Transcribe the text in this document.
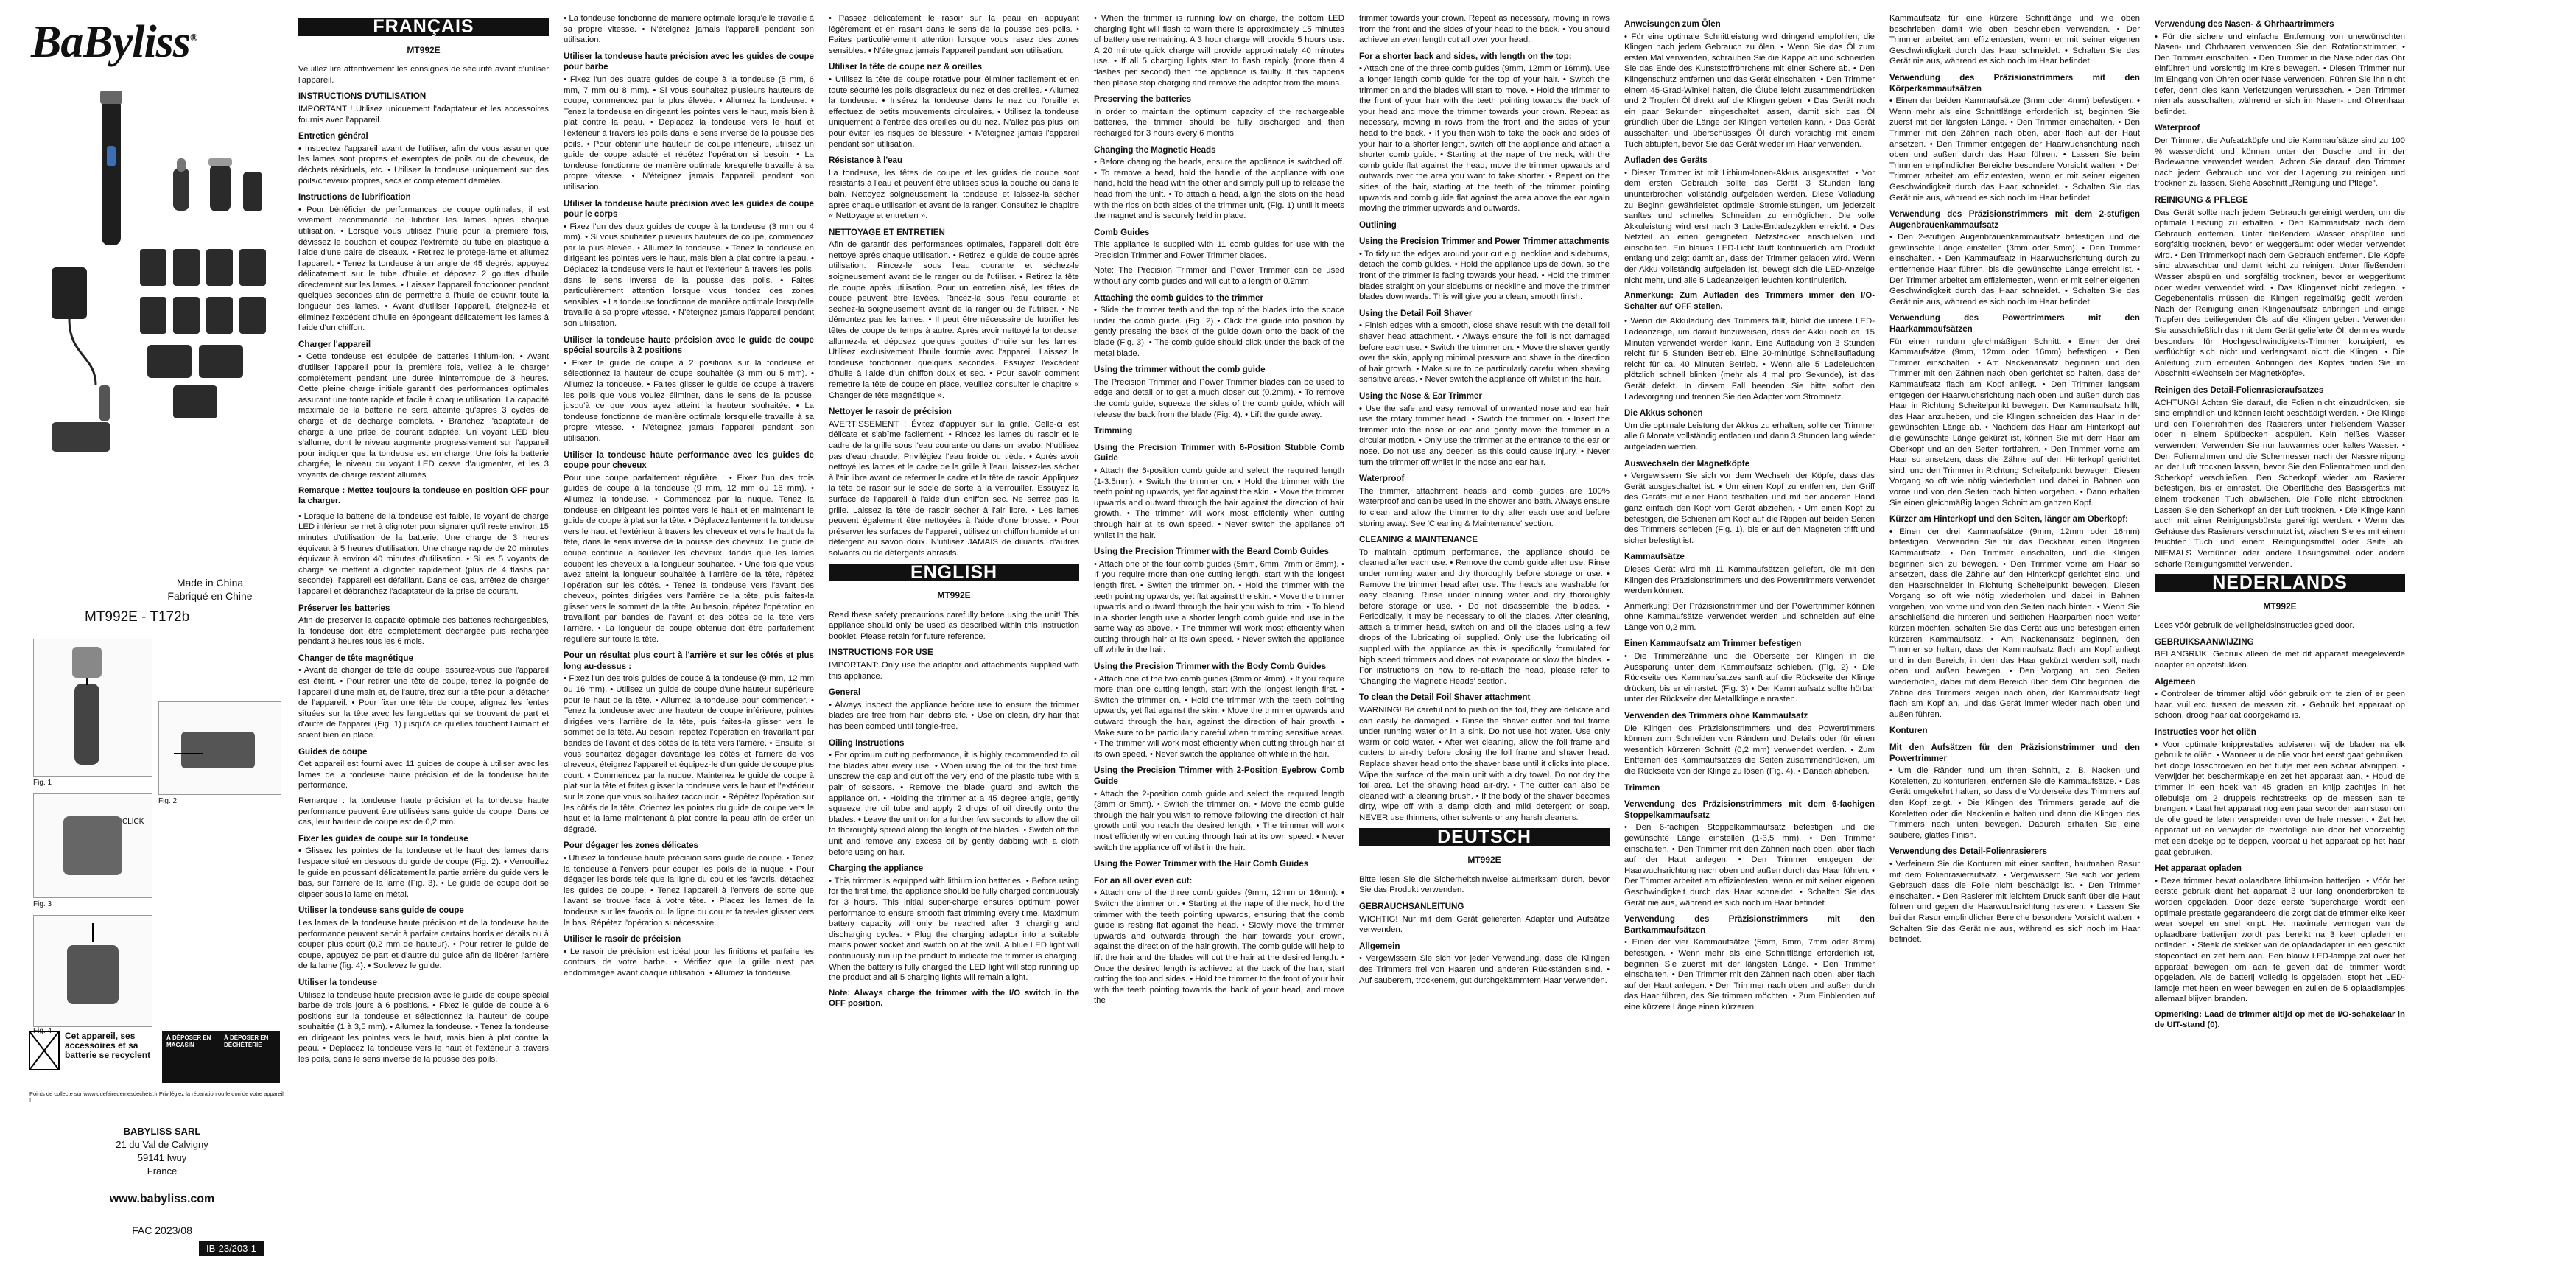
BaByliss®
Made in China
Fabriqué en Chine
MT992E - T172b
Fig. 1
Fig. 2
CLICK
Fig. 3
Fig. 4 Cet appareil, ses accessoires et sa batterie se recyclent
À DÉPOSER EN MAGASIN
À DÉPOSER EN DÉCHÈTERIE
Points de collecte sur www.quefairedemesdechets.fr Privilégiez la réparation ou le don de votre appareil !
BABYLISS SARL
21 du Val de Calvigny
59141 Iwuy
France
www.babyliss.com
FAC 2023/08
IB-23/203-1
FRANÇAIS
MT992E

Veuillez lire attentivement les consignes de sécurité avant d'utiliser l'appareil.

INSTRUCTIONS D'UTILISATION

IMPORTANT ! Utilisez uniquement l'adaptateur et les accessoires fournis avec l'appareil.

Entretien général

• Inspectez l'appareil avant de l'utiliser, afin de vous assurer que les lames sont propres et exemptes de poils ou de cheveux, de déchets résiduels, etc. • Utilisez la tondeuse uniquement sur des poils/cheveux propres, secs et complètement démêlés.

Instructions de lubrification

• Pour bénéficier de performances de coupe optimales, il est vivement recommandé de lubrifier les lames après chaque utilisation. • Lorsque vous utilisez l'huile pour la première fois, dévissez le bouchon et coupez l'extrémité du tube en plastique à l'aide d'une paire de ciseaux. • Retirez le protège-lame et allumez l'appareil. • Tenez la tondeuse à un angle de 45 degrés, appuyez délicatement sur le tube d'huile et déposez 2 gouttes d'huile directement sur les lames. • Laissez l'appareil fonctionner pendant quelques secondes afin de permettre à l'huile de couvrir toute la longueur des lames. • Avant d'utiliser l'appareil, éteignez-le et éliminez l'excédent d'huile en épongeant délicatement les lames à l'aide d'un chiffon.

Charger l'appareil

• Cette tondeuse est équipée de batteries lithium-ion. • Avant d'utiliser l'appareil pour la première fois, veillez à le charger complètement pendant une durée ininterrompue de 3 heures. Cette pleine charge initiale garantit des performances optimales assurant une tonte rapide et facile à chaque utilisation. La capacité maximale de la batterie ne sera atteinte qu'après 3 cycles de charge et de décharge complets. • Branchez l'adaptateur de charge à une prise de courant adaptée. Un voyant LED bleu s'allume, dont le niveau augmente progressivement sur l'appareil pour indiquer que la tondeuse est en charge. Une fois la batterie chargée, le niveau du voyant LED cesse d'augmenter, et les 3 voyants de charge restent allumés.

Remarque : Mettez toujours la tondeuse en position OFF pour la charger.

• Lorsque la batterie de la tondeuse est faible, le voyant de charge LED inférieur se met à clignoter pour signaler qu'il reste environ 15 minutes d'utilisation de la batterie. Une charge de 3 heures équivaut à 5 heures d'utilisation. Une charge rapide de 20 minutes équivaut à environ 40 minutes d'utilisation. • Si les 5 voyants de charge se mettent à clignoter rapidement (plus de 4 flashs par seconde), l'appareil est défaillant. Dans ce cas, arrêtez de charger l'appareil et débranchez l'adaptateur de la prise de courant.

Préserver les batteries

Afin de préserver la capacité optimale des batteries rechargeables, la tondeuse doit être complètement déchargée puis rechargée pendant 3 heures tous les 6 mois.

Changer de tête magnétique

• Avant de changer de tête de coupe, assurez-vous que l'appareil est éteint. • Pour retirer une tête de coupe, tenez la poignée de l'appareil d'une main et, de l'autre, tirez sur la tête pour la détacher de l'appareil. • Pour fixer une tête de coupe, alignez les fentes situées sur la tête avec les languettes qui se trouvent de part et d'autre de l'appareil (Fig. 1) jusqu'à ce qu'elles touchent l'aimant et soient bien en place.

Guides de coupe

Cet appareil est fourni avec 11 guides de coupe à utiliser avec les lames de la tondeuse haute précision et de la tondeuse haute performance.

Remarque : la tondeuse haute précision et la tondeuse haute performance peuvent être utilisées sans guide de coupe. Dans ce cas, leur hauteur de coupe est de 0,2 mm.

Fixer les guides de coupe sur la tondeuse

• Glissez les pointes de la tondeuse et le haut des lames dans l'espace situé en dessous du guide de coupe (Fig. 2). • Verrouillez le guide en poussant délicatement la partie arrière du guide vers le bas, sur l'arrière de la lame (Fig. 3). • Le guide de coupe doit se clipser sous la lame en métal.

Utiliser la tondeuse sans guide de coupe

Les lames de la tondeuse haute précision et de la tondeuse haute performance peuvent servir à parfaire certains bords et détails ou à couper plus court (0,2 mm de hauteur). • Pour retirer le guide de coupe, appuyez de part et d'autre du guide afin de libérer l'arrière de la lame (fig. 4). • Soulevez le guide.

Utiliser la tondeuse

Utilisez la tondeuse haute précision avec le guide de coupe spécial barbe de trois jours à 6 positions. • Fixez le guide de coupe à 6 positions sur la tondeuse et sélectionnez la hauteur de coupe souhaitée (1 à 3,5 mm). • Allumez la tondeuse. • Tenez la tondeuse en dirigeant les pointes vers le haut, mais bien à plat contre la peau. • Déplacez la tondeuse vers le haut et l'extérieur à travers les poils, dans le sens inverse de la pousse des poils.

• La tondeuse fonctionne de manière optimale lorsqu'elle travaille à sa propre vitesse. • N'éteignez jamais l'appareil pendant son utilisation.

Utiliser la tondeuse haute précision avec les guides de coupe pour barbe

• Fixez l'un des quatre guides de coupe à la tondeuse (5 mm, 6 mm, 7 mm ou 8 mm). • Si vous souhaitez plusieurs hauteurs de coupe, commencez par la plus élevée. • Allumez la tondeuse. • Tenez la tondeuse en dirigeant les pointes vers le haut, mais bien à plat contre la peau. • Déplacez la tondeuse vers le haut et l'extérieur à travers les poils dans le sens inverse de la pousse des poils. • Pour obtenir une hauteur de coupe inférieure, utilisez un guide de coupe adapté et répétez l'opération si besoin. • La tondeuse fonctionne de manière optimale lorsqu'elle travaille à sa propre vitesse. • N'éteignez jamais l'appareil pendant son utilisation.

Utiliser la tondeuse haute précision avec les guides de coupe pour le corps

• Fixez l'un des deux guides de coupe à la tondeuse (3 mm ou 4 mm). • Si vous souhaitez plusieurs hauteurs de coupe, commencez par la plus élevée. • Allumez la tondeuse. • Tenez la tondeuse en dirigeant les pointes vers le haut, mais bien à plat contre la peau. • Déplacez la tondeuse vers le haut et l'extérieur à travers les poils, dans le sens inverse de la pousse des poils. • Faites particulièrement attention lorsque vous tondez des zones sensibles. • La tondeuse fonctionne de manière optimale lorsqu'elle travaille à sa propre vitesse. • N'éteignez jamais l'appareil pendant son utilisation.

Utiliser la tondeuse haute précision avec le guide de coupe spécial sourcils à 2 positions

• Fixez le guide de coupe à 2 positions sur la tondeuse et sélectionnez la hauteur de coupe souhaitée (3 mm ou 5 mm). • Allumez la tondeuse. • Faites glisser le guide de coupe à travers les poils que vous voulez éliminer, dans le sens de la pousse, jusqu'à ce que vous ayez atteint la hauteur souhaitée. • La tondeuse fonctionne de manière optimale lorsqu'elle travaille à sa propre vitesse. • N'éteignez jamais l'appareil pendant son utilisation.

Utiliser la tondeuse haute performance avec les guides de coupe pour cheveux

Pour une coupe parfaitement régulière : • Fixez l'un des trois guides de coupe à la tondeuse (9 mm, 12 mm ou 16 mm). • Allumez la tondeuse. • Commencez par la nuque. Tenez la tondeuse en dirigeant les pointes vers le haut et en maintenant le guide de coupe à plat sur la tête. • Déplacez lentement la tondeuse vers le haut et l'extérieur à travers les cheveux et vers le haut de la tête, dans le sens inverse de la pousse des cheveux. Le guide de coupe continue à soulever les cheveux, tandis que les lames coupent les cheveux à la longueur souhaitée. • Une fois que vous avez atteint la longueur souhaitée à l'arrière de la tête, répétez l'opération sur les côtés. • Tenez la tondeuse vers l'avant des cheveux, pointes dirigées vers l'arrière de la tête, puis faites-la glisser vers le sommet de la tête. Au besoin, répétez l'opération en travaillant par bandes de l'avant et des côtés de la tête vers l'arrière. • La longueur de coupe obtenue doit être parfaitement régulière sur toute la tête.

Pour un résultat plus court à l'arrière et sur les côtés et plus long au-dessus :

• Fixez l'un des trois guides de coupe à la tondeuse (9 mm, 12 mm ou 16 mm). • Utilisez un guide de coupe d'une hauteur supérieure pour le haut de la tête. • Allumez la tondeuse pour commencer. • Tenez la tondeuse avec une hauteur de coupe inférieure, pointes dirigées vers l'arrière de la tête, puis faites-la glisser vers le sommet de la tête. Au besoin, répétez l'opération en travaillant par bandes de l'avant et des côtés de la tête vers l'arrière. • Ensuite, si vous souhaitez dégager davantage les côtés et l'arrière de vos cheveux, éteignez l'appareil et équipez-le d'un guide de coupe plus court. • Commencez par la nuque. Maintenez le guide de coupe à plat sur la tête et faites glisser la tondeuse vers le haut et l'extérieur sur la zone que vous souhaitez raccourcir. • Répétez l'opération sur les côtés de la tête. Orientez les pointes du guide de coupe vers le haut et la lame maintenant à plat contre la peau afin de créer un dégradé.

Pour dégager les zones délicates

• Utilisez la tondeuse haute précision sans guide de coupe. • Tenez la tondeuse à l'envers pour couper les poils de la nuque. • Pour dégager les bords tels que la ligne du cou et les favoris, détachez les guides de coupe. • Tenez l'appareil à l'envers de sorte que l'avant se trouve face à votre tête. • Placez les lames de la tondeuse sur les favoris ou la ligne du cou et faites-les glisser vers le bas. Répétez l'opération si nécessaire.

Utiliser le rasoir de précision

• Le rasoir de précision est idéal pour les finitions et parfaire les contours de votre barbe. • Vérifiez que la grille n'est pas endommagée avant chaque utilisation. • Allumez la tondeuse.

• Passez délicatement le rasoir sur la peau en appuyant légèrement et en rasant dans le sens de la pousse des poils. • Faites particulièrement attention lorsque vous rasez des zones sensibles. • N'éteignez jamais l'appareil pendant son utilisation.

Utiliser la tête de coupe nez & oreilles

• Utilisez la tête de coupe rotative pour éliminer facilement et en toute sécurité les poils disgracieux du nez et des oreilles. • Allumez la tondeuse. • Insérez la tondeuse dans le nez ou l'oreille et effectuez de petits mouvements circulaires. • Utilisez la tondeuse uniquement à l'entrée des oreilles ou du nez. N'allez pas plus loin pour éviter les risques de blessure. • N'éteignez jamais l'appareil pendant son utilisation.

Résistance à l'eau

La tondeuse, les têtes de coupe et les guides de coupe sont résistants à l'eau et peuvent être utilisés sous la douche ou dans le bain. Nettoyez soigneusement la tondeuse et laissez-la sécher après chaque utilisation et avant de la ranger. Consultez le chapitre « Nettoyage et entretien ».

NETTOYAGE ET ENTRETIEN

Afin de garantir des performances optimales, l'appareil doit être nettoyé après chaque utilisation. • Retirez le guide de coupe après utilisation. Rincez-le sous l'eau courante et séchez-le soigneusement avant de le ranger ou de l'utiliser. • Retirez la tête de coupe après utilisation. Pour un entretien aisé, les têtes de coupe peuvent être lavées. Rincez-la sous l'eau courante et séchez-la soigneusement avant de la ranger ou de l'utiliser. • Ne démontez pas les lames. • Il peut être nécessaire de lubrifier les têtes de coupe de temps à autre. Après avoir nettoyé la tondeuse, allumez-la et déposez quelques gouttes d'huile sur les lames. Utilisez exclusivement l'huile fournie avec l'appareil. Laissez la tondeuse fonctionner quelques secondes. Essuyez l'excédent d'huile à l'aide d'un chiffon doux et sec. • Pour savoir comment remettre la tête de coupe en place, veuillez consulter le chapitre « Changer de tête magnétique ».

Nettoyer le rasoir de précision

AVERTISSEMENT ! Évitez d'appuyer sur la grille. Celle-ci est délicate et s'abîme facilement. • Rincez les lames du rasoir et le cadre de la grille sous l'eau courante ou dans un lavabo. N'utilisez pas d'eau chaude. Privilégiez l'eau froide ou tiède. • Après avoir nettoyé les lames et le cadre de la grille à l'eau, laissez-les sécher à l'air libre avant de refermer le cadre et la tête de rasoir. Appliquez la tête de rasoir sur le socle de sorte à la verrouiller. Essuyez la surface de l'appareil à l'aide d'un chiffon sec. Ne serrez pas la grille. Laissez la tête de rasoir sécher à l'air libre. • Les lames peuvent également être nettoyées à l'aide d'une brosse. • Pour préserver les surfaces de l'appareil, utilisez un chiffon humide et un détergent au savon doux. N'utilisez JAMAIS de diluants, d'autres solvants ou de détergents abrasifs.

ENGLISH
MT992E

Read these safety precautions carefully before using the unit! This appliance should only be used as described within this instruction booklet. Please retain for future reference.

INSTRUCTIONS FOR USE

IMPORTANT: Only use the adaptor and attachments supplied with this appliance.

General

• Always inspect the appliance before use to ensure the trimmer blades are free from hair, debris etc. • Use on clean, dry hair that has been combed until tangle-free.

Oiling Instructions

• For optimum cutting performance, it is highly recommended to oil the blades after every use. • When using the oil for the first time, unscrew the cap and cut off the very end of the plastic tube with a pair of scissors. • Remove the blade guard and switch the appliance on. • Holding the trimmer at a 45 degree angle, gently squeeze the oil tube and apply 2 drops of oil directly onto the blades. • Leave the unit on for a further few seconds to allow the oil to thoroughly spread along the length of the blades. • Switch off the unit and remove any excess oil by gently dabbing with a cloth before using on hair.

Charging the appliance

• This trimmer is equipped with lithium ion batteries. • Before using for the first time, the appliance should be fully charged continuously for 3 hours. This initial super-charge ensures optimum power performance to ensure smooth fast trimming every time. Maximum battery capacity will only be reached after 3 charging and discharging cycles. • Plug the charging adaptor into a suitable mains power socket and switch on at the wall. A blue LED light will continuously run up the product to indicate the trimmer is charging. When the battery is fully charged the LED light will stop running up the product and all 5 charging lights will remain alight.

Note: Always charge the trimmer with the I/O switch in the OFF position.

• When the trimmer is running low on charge, the bottom LED charging light will flash to warn there is approximately 15 minutes of battery use remaining. A 3 hour charge will provide 5 hours use. A 20 minute quick charge will provide approximately 40 minutes use. • If all 5 charging lights start to flash rapidly (more than 4 flashes per second) then the appliance is faulty. If this happens then please stop charging and remove the adaptor from the mains.

Preserving the batteries

In order to maintain the optimum capacity of the rechargeable batteries, the trimmer should be fully discharged and then recharged for 3 hours every 6 months.

Changing the Magnetic Heads

• Before changing the heads, ensure the appliance is switched off. • To remove a head, hold the handle of the appliance with one hand, hold the head with the other and simply pull up to release the head from the unit. • To attach a head, align the slots on the head with the ribs on both sides of the trimmer unit, (Fig. 1) until it meets the magnet and is securely held in place.

Comb Guides

This appliance is supplied with 11 comb guides for use with the Precision Trimmer and Power Trimmer blades.

Note: The Precision Trimmer and Power Trimmer can be used without any comb guides and will cut to a length of 0.2mm.

Attaching the comb guides to the trimmer

• Slide the trimmer teeth and the top of the blades into the space under the comb guide. (Fig. 2) • Click the guide into position by gently pressing the back of the guide down onto the back of the blade (Fig. 3). • The comb guide should click under the back of the metal blade.

Using the trimmer without the comb guide

The Precision Trimmer and Power Trimmer blades can be used to edge and detail or to get a much closer cut (0.2mm). • To remove the comb guide, squeeze the sides of the comb guide, which will release the back from the blade (Fig. 4). • Lift the guide away.

Trimming
Using the Precision Trimmer with 6-Position Stubble Comb Guide

• Attach the 6-position comb guide and select the required length (1-3.5mm). • Switch the trimmer on. • Hold the trimmer with the teeth pointing upwards, yet flat against the skin. • Move the trimmer upwards and outward through the hair against the direction of hair growth. • The trimmer will work most efficiently when cutting through hair at its own speed. • Never switch the appliance off whilst in the hair.

Using the Precision Trimmer with the Beard Comb Guides

• Attach one of the four comb guides (5mm, 6mm, 7mm or 8mm). • If you require more than one cutting length, start with the longest length first. • Switch the trimmer on. • Hold the trimmer with the teeth pointing upwards, yet flat against the skin. • Move the trimmer upwards and outward through the hair you wish to trim. • To blend in a shorter length use a shorter length comb guide and use in the same way as above. • The trimmer will work most efficiently when cutting through hair at its own speed. • Never switch the appliance off while in the hair.

Using the Precision Trimmer with the Body Comb Guides

• Attach one of the two comb guides (3mm or 4mm). • If you require more than one cutting length, start with the longest length first. • Switch the trimmer on. • Hold the trimmer with the teeth pointing upwards, yet flat against the skin. • Move the trimmer upwards and outward through the hair, against the direction of hair growth. • Make sure to be particularly careful when trimming sensitive areas. • The trimmer will work most efficiently when cutting through hair at its own speed. • Never switch the appliance off while in the hair.

Using the Precision Trimmer with 2-Position Eyebrow Comb Guide

• Attach the 2-position comb guide and select the required length (3mm or 5mm). • Switch the trimmer on. • Move the comb guide through the hair you wish to remove following the direction of hair growth until you reach the desired length. • The trimmer will work most efficiently when cutting through hair at its own speed. • Never switch the appliance off whilst in the hair.

Using the Power Trimmer with the Hair Comb Guides
For an all over even cut:

• Attach one of the three comb guides (9mm, 12mm or 16mm). • Switch the trimmer on. • Starting at the nape of the neck, hold the trimmer with the teeth pointing upwards, ensuring that the comb guide is resting flat against the head. • Slowly move the trimmer upwards and outwards through the hair towards your crown, against the direction of the hair growth. The comb guide will help to lift the hair and the blades will cut the hair at the desired length. • Once the desired length is achieved at the back of the hair, start cutting the top and sides. • Hold the trimmer to the front of your hair with the teeth pointing towards the back of your head, and move the

trimmer towards your crown. Repeat as necessary, moving in rows from the front and the sides of your head to the back. • You should achieve an even length cut all over your head.

For a shorter back and sides, with length on the top:

• Attach one of the three comb guides (9mm, 12mm or 16mm). Use a longer length comb guide for the top of your hair. • Switch the trimmer on and the blades will start to move. • Hold the trimmer to the front of your hair with the teeth pointing towards the back of your head and move the trimmer towards your crown. Repeat as necessary, moving in rows from the front and the sides of your head to the back. • If you then wish to take the back and sides of your hair to a shorter length, switch off the appliance and attach a shorter comb guide. • Starting at the nape of the neck, with the comb guide flat against the head, move the trimmer upwards and outwards over the area you want to take shorter. • Repeat on the sides of the hair, starting at the teeth of the trimmer pointing upwards and comb guide flat against the area above the ear again moving the trimmer upwards and outwards.

Outlining
Using the Precision Trimmer and Power Trimmer attachments

• To tidy up the edges around your cut e.g. neckline and sideburns, detach the comb guides. • Hold the appliance upside down, so the front of the trimmer is facing towards your head. • Hold the trimmer blades straight on your sideburns or neckline and move the trimmer blades downwards. This will give you a clean, smooth finish.

Using the Detail Foil Shaver

• Finish edges with a smooth, close shave result with the detail foil shaver head attachment. • Always ensure the foil is not damaged before each use. • Switch the trimmer on. • Move the shaver gently over the skin, applying minimal pressure and shave in the direction of hair growth. • Make sure to be particularly careful when shaving sensitive areas. • Never switch the appliance off whilst in the hair.

Using the Nose & Ear Trimmer

• Use the safe and easy removal of unwanted nose and ear hair use the rotary trimmer head. • Switch the trimmer on. • Insert the trimmer into the nose or ear and gently move the trimmer in a circular motion. • Only use the trimmer at the entrance to the ear or nose. Do not use any deeper, as this could cause injury. • Never turn the trimmer off whilst in the nose and ear hair.

Waterproof

The trimmer, attachment heads and comb guides are 100% waterproof and can be used in the shower and bath. Always ensure to clean and allow the trimmer to dry after each use and before storing away. See 'Cleaning & Maintenance' section.

CLEANING & MAINTENANCE

To maintain optimum performance, the appliance should be cleaned after each use. • Remove the comb guide after use. Rinse under running water and dry thoroughly before storage or use. • Remove the trimmer head after use. The heads are washable for easy cleaning. Rinse under running water and dry thoroughly before storage or use. • Do not disassemble the blades. • Periodically, it may be necessary to oil the blades. After cleaning, attach a trimmer head, switch on and oil the blades using a few drops of the lubricating oil supplied. Only use the lubricating oil supplied with the appliance as this is specifically formulated for high speed trimmers and does not evaporate or slow the blades. • For instructions on how to re-attach the head, please refer to 'Changing the Magnetic Heads' section.

To clean the Detail Foil Shaver attachment

WARNING! Be careful not to push on the foil, they are delicate and can easily be damaged. • Rinse the shaver cutter and foil frame under running water or in a sink. Do not use hot water. Use only warm or cold water. • After wet cleaning, allow the foil frame and cutters to air-dry before closing the foil frame and shaver head. Replace shaver head onto the shaver base until it clicks into place. Wipe the surface of the main unit with a dry towel. Do not dry the foil area. Let the shaving head air-dry. • The cutter can also be cleaned with a cleaning brush. • If the body of the shaver becomes dirty, wipe off with a damp cloth and mild detergent or soap. NEVER use thinners, other solvents or any harsh cleaners.

DEUTSCH
MT992E

Bitte lesen Sie die Sicherheitshinweise aufmerksam durch, bevor Sie das Produkt verwenden.

GEBRAUCHSANLEITUNG

WICHTIG! Nur mit dem Gerät gelieferten Adapter und Aufsätze verwenden.

Allgemein

• Vergewissern Sie sich vor jeder Verwendung, dass die Klingen des Trimmers frei von Haaren und anderen Rückständen sind. • Auf sauberem, trockenem, gut durchgekämmtem Haar verwenden.

Anweisungen zum Ölen

• Für eine optimale Schnittleistung wird dringend empfohlen, die Klingen nach jedem Gebrauch zu ölen. • Wenn Sie das Öl zum ersten Mal verwenden, schrauben Sie die Kappe ab und schneiden Sie das Ende des Kunststoffröhrchens mit einer Schere ab. • Den Klingenschutz entfernen und das Gerät einschalten. • Den Trimmer einem 45-Grad-Winkel halten, die Ölube leicht zusammendrücken und 2 Tropfen Öl direkt auf die Klingen geben. • Das Gerät noch ein paar Sekunden eingeschaltet lassen, damit sich das Öl gründlich über die Länge der Klingen verteilen kann. • Das Gerät ausschalten und überschüssiges Öl durch vorsichtig mit einem Tuch abtupfen, bevor Sie das Gerät wieder im Haar verwenden.

Aufladen des Geräts

• Dieser Trimmer ist mit Lithium-Ionen-Akkus ausgestattet. • Vor dem ersten Gebrauch sollte das Gerät 3 Stunden lang ununterbrochen vollständig aufgeladen werden. Diese Volladung zu Beginn gewährleistet optimale Stromleistungen, um jederzeit sanftes und schnelles Schneiden zu ermöglichen. Die volle Akkuleistung wird erst nach 3 Lade-Entladezyklen erreicht. • Das Netzteil an einen geeigneten Netzstecker anschließen und einschalten. Ein blaues LED-Licht läuft kontinuierlich am Produkt entlang und zeigt damit an, dass der Trimmer geladen wird. Wenn der Akku vollständig aufgeladen ist, bewegt sich die LED-Anzeige nicht mehr, und alle 5 Ladeanzeigen leuchten kontinuierlich.

Anmerkung: Zum Aufladen des Trimmers immer den I/O-Schalter auf OFF stellen.

• Wenn die Akkuladung des Trimmers fällt, blinkt die untere LED-Ladeanzeige, um darauf hinzuweisen, dass der Akku noch ca. 15 Minuten verwendet werden kann. Eine Aufladung von 3 Stunden reicht für 5 Stunden Betrieb. Eine 20-minütige Schnellaufladung reicht für ca. 40 Minuten Betrieb. • Wenn alle 5 Ladeleuchten plötzlich schnell blinken (mehr als 4 mal pro Sekunde), ist das Gerät defekt. In diesem Fall beenden Sie bitte sofort den Ladevorgang und trennen Sie den Adapter vom Stromnetz.

Die Akkus schonen

Um die optimale Leistung der Akkus zu erhalten, sollte der Trimmer alle 6 Monate vollständig entladen und dann 3 Stunden lang wieder aufgeladen werden.

Auswechseln der Magnetköpfe

• Vergewissern Sie sich vor dem Wechseln der Köpfe, dass das Gerät ausgeschaltet ist. • Um einen Kopf zu entfernen, den Griff des Geräts mit einer Hand festhalten und mit der anderen Hand ganz einfach den Kopf vom Gerät abziehen. • Um einen Kopf zu befestigen, die Schienen am Kopf auf die Rippen auf beiden Seiten des Trimmers schieben (Fig. 1), bis er auf den Magneten trifft und sicher befestigt ist.

Kammaufsätze

Dieses Gerät wird mit 11 Kammaufsätzen geliefert, die mit den Klingen des Präzisionstrimmers und des Powertrimmers verwendet werden können.

Anmerkung: Der Präzisionstrimmer und der Powertrimmer können ohne Kammaufsätze verwendet werden und schneiden auf eine Länge von 0,2 mm.

Einen Kammaufsatz am Trimmer befestigen

• Die Trimmerzähne und die Oberseite der Klingen in die Aussparung unter dem Kammaufsatz schieben. (Fig. 2) • Die Rückseite des Kammaufsatzes sanft auf die Rückseite der Klinge drücken, bis er einrastet. (Fig. 3) • Der Kammaufsatz sollte hörbar unter der Rückseite der Metallklinge einrasten.

Verwenden des Trimmers ohne Kammaufsatz

Die Klingen des Präzisionstrimmers und des Powertrimmers können zum Schneiden von Rändern und Details oder für einen wesentlich kürzeren Schnitt (0,2 mm) verwendet werden. • Zum Entfernen des Kammaufsatzes die Seiten zusammendrücken, um die Rückseite von der Klinge zu lösen (Fig. 4). • Danach abheben.

Trimmen
Verwendung des Präzisionstrimmers mit dem 6-fachigen Stoppelkammaufsatz

• Den 6-fachigen Stoppelkammaufsatz befestigen und die gewünschte Länge einstellen (1-3,5 mm). • Den Trimmer einschalten. • Den Trimmer mit den Zähnen nach oben, aber flach auf der Haut anlegen. • Den Trimmer entgegen der Haarwuchsrichtung nach oben und außen durch das Haar führen. • Der Trimmer arbeitet am effizientesten, wenn er mit seiner eigenen Geschwindigkeit durch das Haar schneidet. • Schalten Sie das Gerät nie aus, während es sich noch im Haar befindet.

Verwendung des Präzisionstrimmers mit den Bartkammaufsätzen

• Einen der vier Kammaufsätze (5mm, 6mm, 7mm oder 8mm) befestigen. • Wenn mehr als eine Schnittlänge erforderlich ist, beginnen Sie zuerst mit der längsten Länge. • Den Trimmer einschalten. • Den Trimmer mit den Zähnen nach oben, aber flach auf der Haut anlegen. • Den Trimmer nach oben und außen durch das Haar führen, das Sie trimmen möchten. • Zum Einblenden auf eine kürzere Länge einen kürzeren

Kammaufsatz für eine kürzere Schnittlänge und wie oben beschrieben damit wie oben beschrieben verwenden. • Der Trimmer arbeitet am effizientesten, wenn er mit seiner eigenen Geschwindigkeit durch das Haar schneidet. • Schalten Sie das Gerät nie aus, während es sich noch im Haar befindet.

Verwendung des Präzisionstrimmers mit den Körperkammaufsätzen

• Einen der beiden Kammaufsätze (3mm oder 4mm) befestigen. • Wenn mehr als eine Schnittlänge erforderlich ist, beginnen Sie zuerst mit der längsten Länge. • Den Trimmer einschalten. • Den Trimmer mit den Zähnen nach oben, aber flach auf der Haut ansetzen. • Den Trimmer entgegen der Haarwuchsrichtung nach oben und außen durch das Haar führen. • Lassen Sie beim Trimmen empfindlicher Bereiche besondere Vorsicht walten. • Der Trimmer arbeitet am effizientesten, wenn er mit seiner eigenen Geschwindigkeit durch das Haar schneidet. • Schalten Sie das Gerät nie aus, während es sich noch im Haar befindet.

Verwendung des Präzisionstrimmers mit dem 2-stufigen Augenbrauenkammaufsatz

• Den 2-stufigen Augenbrauenkammaufsatz befestigen und die gewünschte Länge einstellen (3mm oder 5mm). • Den Trimmer einschalten. • Den Kammaufsatz in Haarwuchsrichtung durch zu entfernende Haar führen, bis die gewünschte Länge erreicht ist. • Der Trimmer arbeitet am effizientesten, wenn er mit seiner eigenen Geschwindigkeit durch das Haar schneidet. • Schalten Sie das Gerät nie aus, während es sich noch im Haar befindet.

Verwendung des Powertrimmers mit den Haarkammaufsätzen

Für einen rundum gleichmäßigen Schnitt: • Einen der drei Kammaufsätze (9mm, 12mm oder 16mm) befestigen. • Den Trimmer einschalten. • Am Nackenansatz beginnen und den Trimmer mit den Zähnen nach oben gerichtet so halten, dass der Kammaufsatz flach am Kopf anliegt. • Den Trimmer langsam entgegen der Haarwuchsrichtung nach oben und außen durch das Haar in Richtung Scheitelpunkt bewegen. Der Kammaufsatz hilft, das Haar anzuheben, und die Klingen schneiden das Haar in der gewünschten Länge ab. • Nachdem das Haar am Hinterkopf auf die gewünschte Länge gekürzt ist, können Sie mit dem Haar am Oberkopf und an den Seiten fortfahren. • Den Trimmer vorne am Haar so ansetzen, dass die Zähne auf den Hinterkopf gerichtet sind, und den Trimmer in Richtung Scheitelpunkt bewegen. Diesen Vorgang so oft wie nötig wiederholen und dabei in Bahnen von vorne und von den Seiten nach hinten vorgehen. • Dann erhalten Sie einen gleichmäßig langen Schnitt am ganzen Kopf.

Kürzer am Hinterkopf und den Seiten, länger am Oberkopf:

• Einen der drei Kammaufsätze (9mm, 12mm oder 16mm) befestigen. Verwenden Sie für das Deckhaar einen längeren Kammaufsatz. • Den Trimmer einschalten, und die Klingen beginnen sich zu bewegen. • Den Trimmer vorne am Haar so ansetzen, dass die Zähne auf den Hinterkopf gerichtet sind, und den Haarschneider in Richtung Scheitelpunkt bewegen. Diesen Vorgang so oft wie nötig wiederholen und dabei in Bahnen vorgehen, von vorne und von den Seiten nach hinten. • Wenn Sie anschließend die hinteren und seitlichen Haarpartien noch weiter kürzen möchten, schalten Sie das Gerät aus und befestigen einen kürzeren Kammaufsatz. • Am Nackenansatz beginnen, den Trimmer so halten, dass der Kammaufsatz flach am Kopf anliegt und in den Bereich, in dem das Haar gekürzt werden soll, nach oben und außen bewegen. • Den Vorgang an den Seiten wiederholen, dabei mit dem Bereich über dem Ohr beginnen, die Zähne des Trimmers zeigen nach oben, der Kammaufsatz liegt flach am Kopf an, und das Gerät immer wieder nach oben und außen führen.

Konturen
Mit den Aufsätzen für den Präzisionstrimmer und den Powertrimmer

• Um die Ränder rund um Ihren Schnitt, z. B. Nacken und Koteletten, zu konturieren, entfernen Sie die Kammaufsätze. • Das Gerät umgekehrt halten, so dass die Vorderseite des Trimmers auf den Kopf zeigt. • Die Klingen des Trimmers gerade auf die Koteletten oder die Nackenlinie halten und dann die Klingen des Trimmers nach unten bewegen. Dadurch erhalten Sie eine saubere, glattes Finish.

Verwendung des Detail-Folienrasierers

• Verfeinern Sie die Konturen mit einer sanften, hautnahen Rasur mit dem Folienrasieraufsatz. • Vergewissern Sie sich vor jedem Gebrauch dass die Folie nicht beschädigt ist. • Den Trimmer einschalten. • Den Rasierer mit leichtem Druck sanft über die Haut führen und gegen die Haarwuchsrichtung rasieren. • Lassen Sie bei der Rasur empfindlicher Bereiche besondere Vorsicht walten. • Schalten Sie das Gerät nie aus, während es sich noch im Haar befindet.

Verwendung des Nasen- & Ohrhaartrimmers

• Für die sichere und einfache Entfernung von unerwünschten Nasen- und Ohrhaaren verwenden Sie den Rotationstrimmer. • Den Trimmer einschalten. • Den Trimmer in die Nase oder das Ohr einführen und vorsichtig im Kreis bewegen. • Diesen Trimmer nur im Eingang von Ohren oder Nase verwenden. Führen Sie ihn nicht tiefer, denn dies kann Verletzungen verursachen. • Den Trimmer niemals ausschalten, während er sich im Nasen- und Ohrenhaar befindet.

Waterproof

Der Trimmer, die Aufsatzköpfe und die Kammaufsätze sind zu 100 % wasserdicht und können unter der Dusche und in der Badewanne verwendet werden. Achten Sie darauf, den Trimmer nach jedem Gebrauch und vor der Lagerung zu reinigen und trocknen zu lassen. Siehe Abschnitt „Reinigung und Pflege".

REINIGUNG & PFLEGE

Das Gerät sollte nach jedem Gebrauch gereinigt werden, um die optimale Leistung zu erhalten. • Den Kammaufsatz nach dem Gebrauch entfernen. Unter fließendem Wasser abspülen und sorgfältig trocknen, bevor er weggeräumt oder wieder verwendet wird. • Den Trimmerkopf nach dem Gebrauch entfernen. Die Köpfe sind abwaschbar und damit leicht zu reinigen. Unter fließendem Wasser abspülen und sorgfältig trocknen, bevor er weggeräumt oder wieder verwendet wird. • Das Klingenset nicht zerlegen. • Gegebenenfalls müssen die Klingen regelmäßig geölt werden. Nach der Reinigung einen Klingenaufsatz anbringen und einige Tropfen des beiliegenden Öls auf die Klingen geben. Verwenden Sie ausschließlich das mit dem Gerät gelieferte Öl, denn es wurde besonders für Hochgeschwindigkeits-Trimmer konzipiert, es verflüchtigt sich nicht und verlangsamt nicht die Klingen. • Die Anleitung zum erneuten Anbringen des Kopfes finden Sie im Abschnitt «Wechseln der Magnetköpfe».

Reinigen des Detail-Folienrasieraufsatzes

ACHTUNG! Achten Sie darauf, die Folien nicht einzudrücken, sie sind empfindlich und können leicht beschädigt werden. • Die Klinge und den Folienrahmen des Rasierers unter fließendem Wasser oder in einem Spülbecken abspülen. Kein heißes Wasser verwenden. Verwenden Sie nur lauwarmes oder kaltes Wasser. • Den Folienrahmen und die Schermesser nach der Nassreinigung an der Luft trocknen lassen, bevor Sie den Folienrahmen und den Scherkopf verschließen. Den Scherkopf wieder am Rasierer befestigen, bis er einrastet. Die Oberfläche des Basisgeräts mit einem trockenen Tuch abwischen. Die Folie nicht abtrocknen. Lassen Sie den Scherkopf an der Luft trocknen. • Die Klinge kann auch mit einer Reinigungsbürste gereinigt werden. • Wenn das Gehäuse des Rasierers verschmutzt ist, wischen Sie es mit einem feuchten Tuch und einem Reinigungsmittel oder Seife ab. NIEMALS Verdünner oder andere Lösungsmittel oder andere scharfe Reinigungsmittel verwenden.

NEDERLANDS
MT992E

Lees vóór gebruik de veiligheidsinstructies goed door.

GEBRUIKSAANWIJZING

BELANGRIJK! Gebruik alleen de met dit apparaat meegeleverde adapter en opzetstukken.

Algemeen

• Controleer de trimmer altijd vóór gebruik om te zien of er geen haar, vuil etc. tussen de messen zit. • Gebruik het apparaat op schoon, droog haar dat doorgekamd is.

Instructies voor het oliën

• Voor optimale knipprestaties adviseren wij de bladen na elk gebruik te oliën. • Wanneer u de olie voor het eerst gaat gebruiken, het dopje losschroeven en het tuitje met een schaar afknippen. • Verwijder het beschermkapje en zet het apparaat aan. • Houd de trimmer in een hoek van 45 graden en knijp zachtjes in het oliebuisje om 2 druppels rechtstreeks op de messen aan te brengen. • Laat het apparaat nog een paar seconden aan staan om de olie goed te laten verspreiden over de hele messen. • Zet het apparaat uit en verwijder de overtollige olie door het voorzichtig met een doekje op te deppen, voordat u het apparaat op het haar gaat gebruiken.

Het apparaat opladen

• Deze trimmer bevat oplaadbare lithium-ion batterijen. • Vóór het eerste gebruik dient het apparaat 3 uur lang ononderbroken te worden opgeladen. Door deze eerste 'supercharge' wordt een optimale prestatie gegarandeerd die zorgt dat de trimmer elke keer weer soepel en snel knipt. Het maximale vermogen van de oplaadbare batterijen wordt pas bereikt na 3 keer opladen en ontladen. • Steek de stekker van de oplaadadapter in een geschikt stopcontact en zet hem aan. Een blauw LED-lampje zal over het apparaat bewegen om aan te geven dat de trimmer wordt opgeladen. Als de batterij volledig is opgeladen, stopt het LED-lampje met heen en weer bewegen en zullen de 5 oplaadlampjes allemaal blijven branden.

Opmerking: Laad de trimmer altijd op met de I/O-schakelaar in de UIT-stand (0).
